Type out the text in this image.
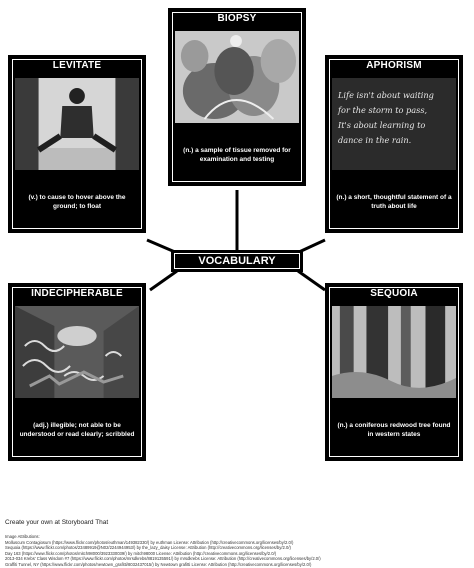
BIOPSY
(n.) a sample of tissue removed for examination and testing
LEVITATE
(v.) to cause to hover above the ground; to float
APHORISM
Life isn't about waiting
for the storm to pass,
It's about learning to
dance in the rain.
(n.) a short, thoughtful statement of a truth about life
VOCABULARY
INDECIPHERABLE
(adj.) illegible; not able to be understood or read clearly; scribbled
SEQUOIA
(n.) a coniferous redwood tree found in western states
Create your own at Storyboard That
Image Attributions:
Molluscum Contagiosum (https://www.flickr.com/photos/euthman/1493823​30/) by euthman License: Attribution (http://creativecommons.org/licenses/by/2.0/)
Sequoia (https://www.flickr.com/photos/23489919@N02/2244944953/) by the_lazy_daisy License: Attribution (http://creativecommons.org/licenses/by/2.0/)
Day 163 (https://www.flickr.com/photos/mitch98000/3923330039/) by mitch98000 License: Attribution (http://creativecommons.org/licenses/by/2.0/)
2013-034 Krebs' Class Wisdom #7 (https://www.flickr.com/photos/mrsdkrebs/8819135591/) by mrsdkrebs License: Attribution (http://creativecommons.org/licenses/by/2.0/)
Graffiti Tunnel, NY (https://www.flickr.com/photos/newtown_grafitti/8032437015/) by Newtown grafitti License: Attribution (http://creativecommons.org/licenses/by/2.0/)
